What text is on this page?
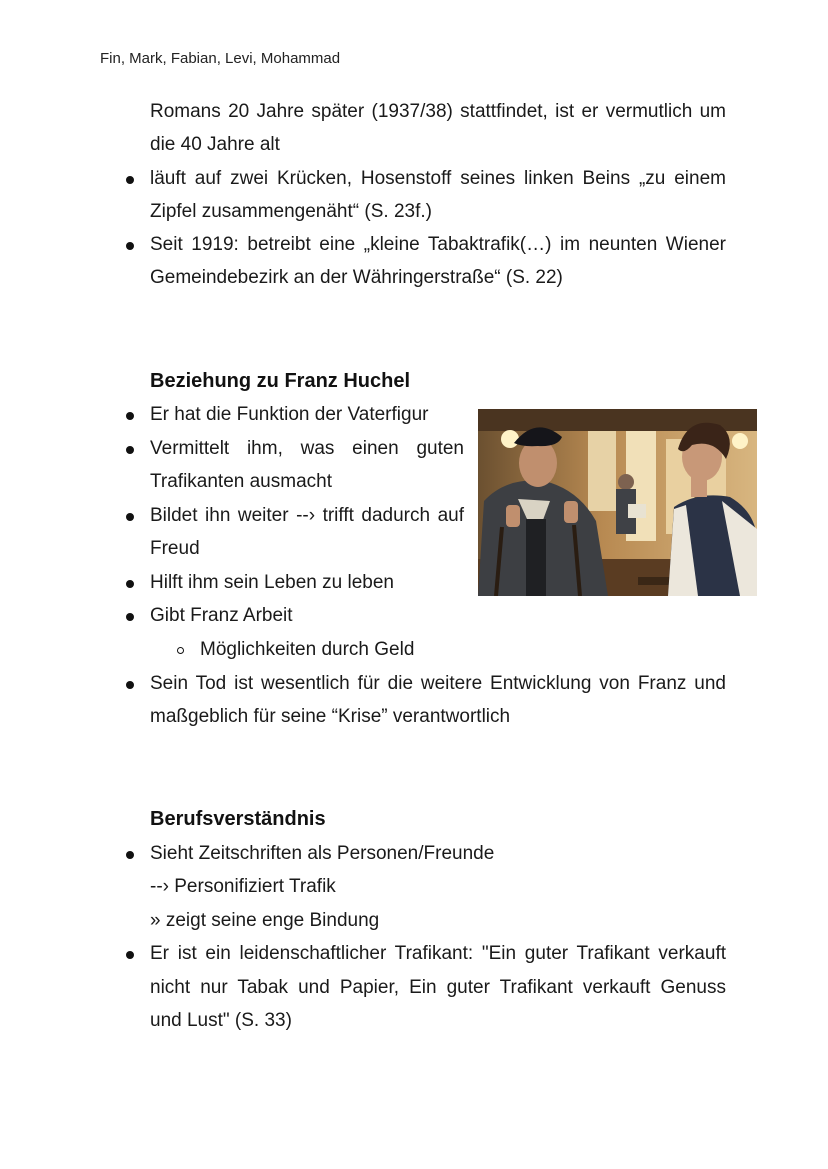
Fin, Mark, Fabian, Levi, Mohammad
Romans 20 Jahre später (1937/38) stattfindet, ist er vermutlich um
die 40 Jahre alt
läuft auf zwei Krücken, Hosenstoff seines linken Beins „zu einem
Zipfel zusammengenäht“ (S. 23f.)
Seit 1919: betreibt eine „kleine Tabaktrafik(…) im neunten Wiener
Gemeindebezirk an der Währingerstraße“ (S. 22)
Beziehung zu Franz Huchel
Er hat die Funktion der Vaterfigur
Vermittelt ihm, was einen guten
Trafikanten ausmacht
Bildet ihn weiter --› trifft dadurch auf
Freud
Hilft ihm sein Leben zu leben
Gibt Franz Arbeit
Möglichkeiten durch Geld
Sein Tod ist wesentlich für die weitere Entwicklung von Franz und
maßgeblich für seine “Krise” verantwortlich
Berufsverständnis
Sieht Zeitschriften als Personen/Freunde
--› Personifiziert Trafik
» zeigt seine enge Bindung
Er ist ein leidenschaftlicher Trafikant: "Ein guter Trafikant verkauft
nicht nur Tabak und Papier, Ein guter Trafikant verkauft Genuss
und Lust" (S. 33)
